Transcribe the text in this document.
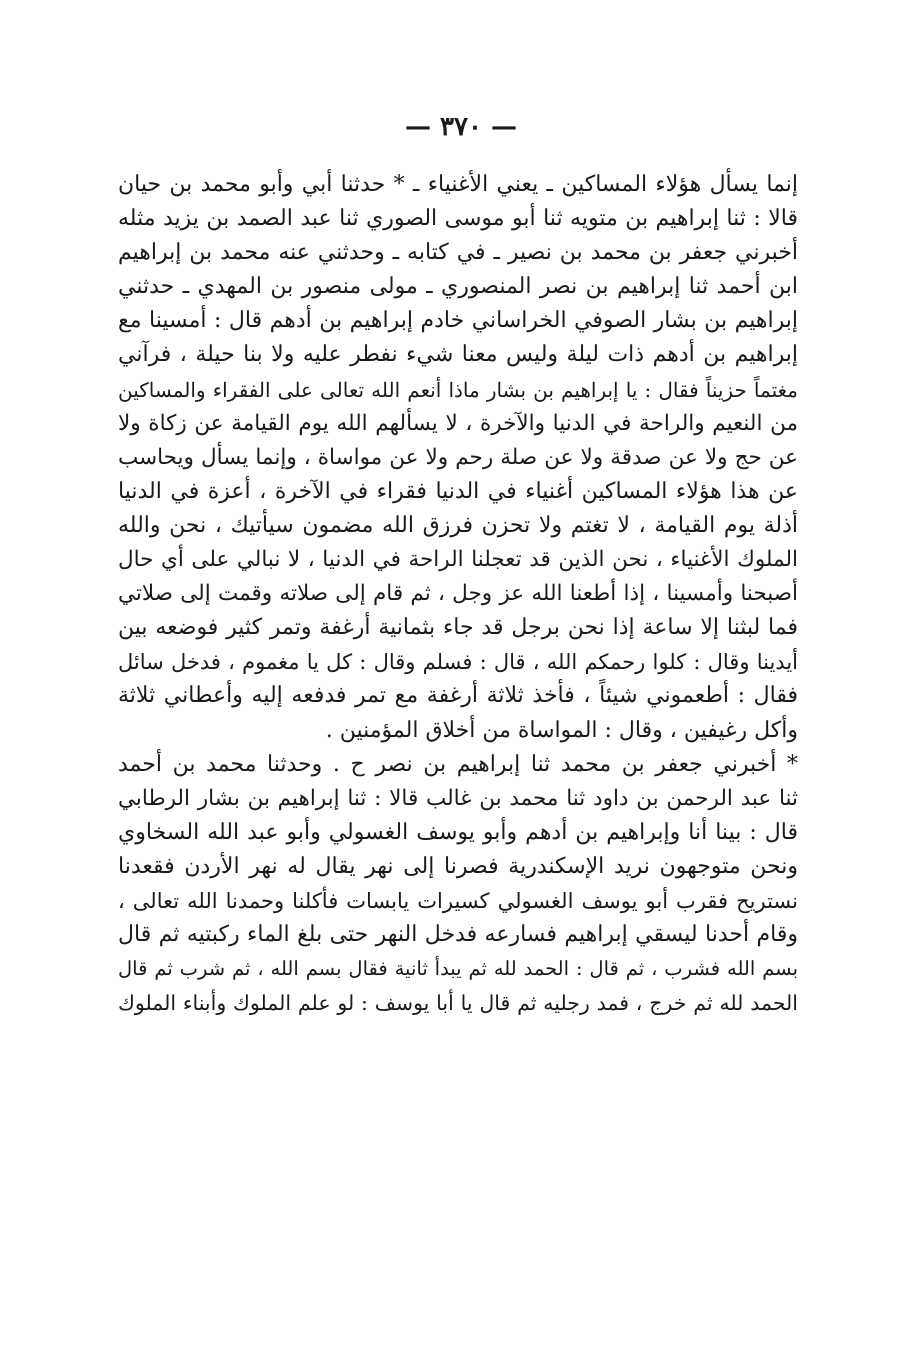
— ٣٧٠ —
إنما يسأل هؤلاء المساكين ـ يعني الأغنياء ـ * حدثنا أبي وأبو محمد بن حيان
قالا : ثنا إبراهيم بن متويه ثنا أبو موسى الصوري ثنا عبد الصمد بن يزيد مثله
أخبرني جعفر بن محمد بن نصير ـ في كتابه ـ وحدثني عنه محمد بن إبراهيم
ابن أحمد ثنا إبراهيم بن نصر المنصوري ـ مولى منصور بن المهدي ـ حدثني
إبراهيم بن بشار الصوفي الخراساني خادم إبراهيم بن أدهم قال : أمسينا مع
إبراهيم بن أدهم ذات ليلة وليس معنا شيء نفطر عليه ولا بنا حيلة ، فرآني
مغتماً حزيناً فقال : يا إبراهيم بن بشار ماذا أنعم الله تعالى على الفقراء والمساكين
من النعيم والراحة في الدنيا والآخرة ، لا يسألهم الله يوم القيامة عن زكاة ولا
عن حج ولا عن صدقة ولا عن صلة رحم ولا عن مواساة ، وإنما يسأل ويحاسب
عن هذا هؤلاء المساكين أغنياء في الدنيا فقراء في الآخرة ، أعزة في الدنيا
أذلة يوم القيامة ، لا تغتم ولا تحزن فرزق الله مضمون سيأتيك ، نحن والله
الملوك الأغنياء ، نحن الذين قد تعجلنا الراحة في الدنيا ، لا نبالي على أي حال
أصبحنا وأمسينا ، إذا أطعنا الله عز وجل ، ثم قام إلى صلاته وقمت إلى صلاتي
فما لبثنا إلا ساعة إذا نحن برجل قد جاء بثمانية أرغفة وتمر كثير فوضعه بين
أيدينا وقال : كلوا رحمكم الله ، قال : فسلم وقال : كل يا مغموم ، فدخل سائل
فقال : أطعموني شيئاً ، فأخذ ثلاثة أرغفة مع تمر فدفعه إليه وأعطاني ثلاثة
وأكل رغيفين ، وقال : المواساة من أخلاق المؤمنين .
* أخبرني جعفر بن محمد ثنا إبراهيم بن نصر ح . وحدثنا محمد بن أحمد
ثنا عبد الرحمن بن داود ثنا محمد بن غالب قالا : ثنا إبراهيم بن بشار الرطابي
قال : بينا أنا وإبراهيم بن أدهم وأبو يوسف الغسولي وأبو عبد الله السخاوي
ونحن متوجهون نريد الإسكندرية فصرنا إلى نهر يقال له نهر الأردن فقعدنا
نستريح فقرب أبو يوسف الغسولي كسيرات يابسات فأكلنا وحمدنا الله تعالى ،
وقام أحدنا ليسقي إبراهيم فسارعه فدخل النهر حتى بلغ الماء ركبتيه ثم قال
بسم الله فشرب ، ثم قال : الحمد لله ثم يبدأ ثانية فقال بسم الله ، ثم شرب ثم قال
الحمد لله ثم خرج ، فمد رجليه ثم قال يا أبا يوسف : لو علم الملوك وأبناء الملوك
